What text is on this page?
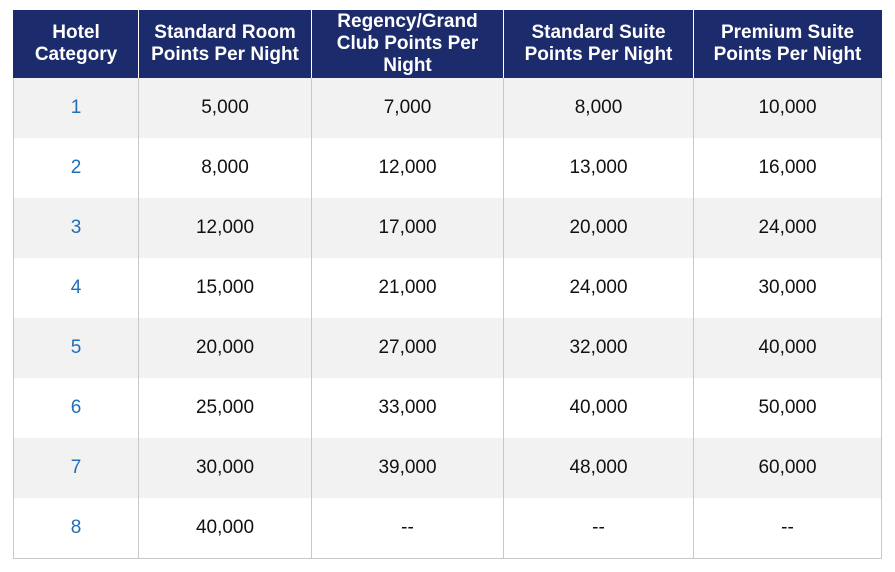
Hotel Category	Standard Room Points Per Night	Regency/Grand Club Points Per Night	Standard Suite Points Per Night	Premium Suite Points Per Night
1	5,000	7,000	8,000	10,000
2	8,000	12,000	13,000	16,000
3	12,000	17,000	20,000	24,000
4	15,000	21,000	24,000	30,000
5	20,000	27,000	32,000	40,000
6	25,000	33,000	40,000	50,000
7	30,000	39,000	48,000	60,000
8	40,000	--	--	--
